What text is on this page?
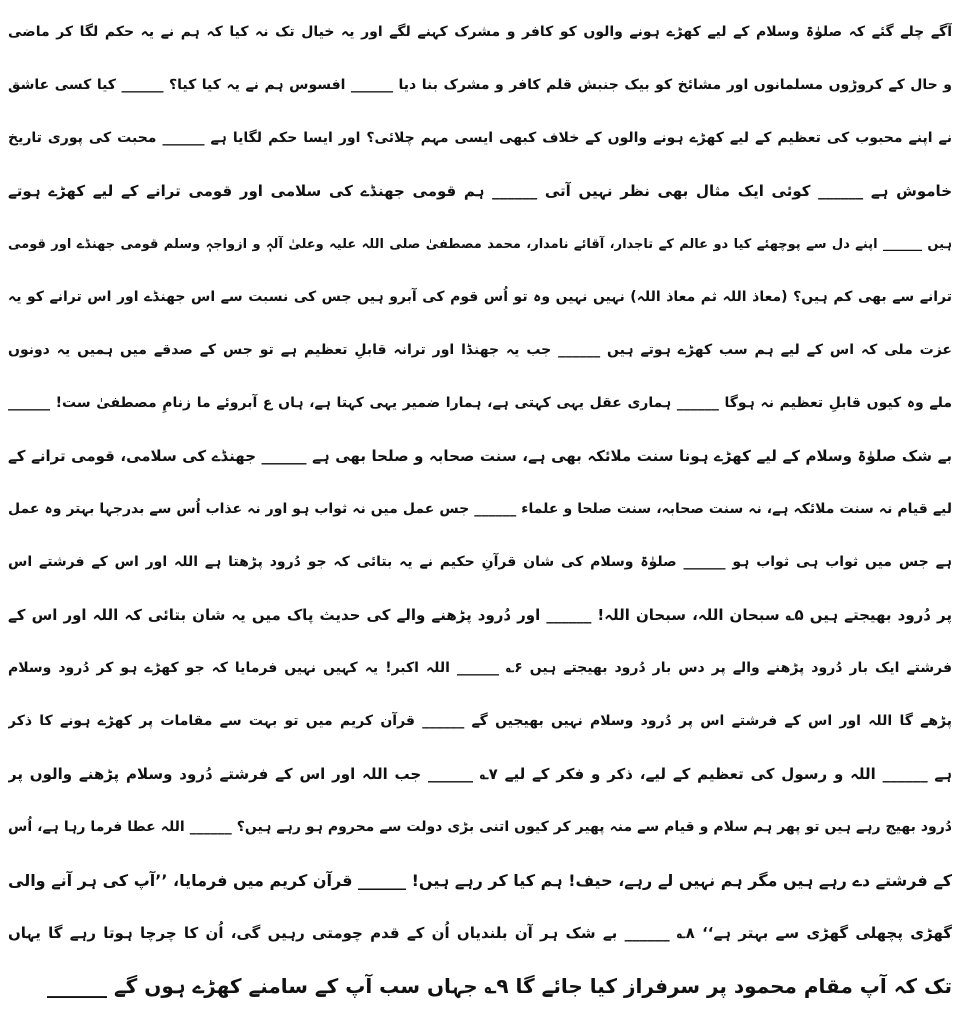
آگے چلے گئے کہ صلوٰۃ وسلام کے لیے کھڑے ہونے والوں کو کافر و مشرک کہنے لگے اور یہ خیال تک نہ کیا کہ ہم نے یہ حکم لگا کر ماضی
و حال کے کروڑوں مسلمانوں اور مشائخ کو بیک جنبش قلم کافر و مشرک بنا دیا ______ افسوس ہم نے یہ کیا کیا؟ ______ کیا کسی عاشق
نے اپنے محبوب کی تعظیم کے لیے کھڑے ہونے والوں کے خلاف کبھی ایسی مہم چلائی؟ اور ایسا حکم لگایا ہے ______ محبت کی پوری تاریخ
خاموش ہے ______ کوئی ایک مثال بھی نظر نہیں آتی ______ ہم قومی جھنڈے کی سلامی اور قومی ترانے کے لیے کھڑے ہوتے
ہیں ______ اپنے دل سے پوچھئے کیا دو عالم کے تاجدار، آقائے نامدار، محمد مصطفیٰ صلی اللہ علیہ وعلیٰ آلہٖ و ازواجہٖ وسلم قومی جھنڈے اور قومی
ترانے سے بھی کم ہیں؟ (معاذ اللہ ثم معاذ اللہ) نہیں نہیں وہ تو اُس قوم کی آبرو ہیں جس کی نسبت سے اس جھنڈے اور اس ترانے کو یہ
عزت ملی کہ اس کے لیے ہم سب کھڑے ہوتے ہیں ______ جب یہ جھنڈا اور ترانہ قابلِ تعظیم ہے تو جس کے صدقے میں ہمیں یہ دونوں
ملے وہ کیوں قابلِ تعظیم نہ ہوگا ______ ہماری عقل یہی کہتی ہے، ہمارا ضمیر یہی کہتا ہے، ہاں ع آبروئے ما زنامِ مصطفیٰ ست! ______
بے شک صلوٰۃ وسلام کے لیے کھڑے ہونا سنت ملائکہ بھی ہے، سنت صحابہ و صلحا بھی ہے ______ جھنڈے کی سلامی، قومی ترانے کے
لیے قیام نہ سنت ملائکہ ہے، نہ سنت صحابہ، سنت صلحا و علماء ______ جس عمل میں نہ ثواب ہو اور نہ عذاب اُس سے بدرجہا بہتر وہ عمل
ہے جس میں ثواب ہی ثواب ہو ______ صلوٰۃ وسلام کی شان قرآنِ حکیم نے یہ بتائی کہ جو دُرود پڑھتا ہے اللہ اور اس کے فرشتے اس
پر دُرود بھیجتے ہیں ۵؎ سبحان اللہ، سبحان اللہ! ______ اور دُرود پڑھنے والے کی حدیث پاک میں یہ شان بتائی کہ اللہ اور اس کے
فرشتے ایک بار دُرود پڑھنے والے پر دس بار دُرود بھیجتے ہیں ۶؎ ______ اللہ اکبر! یہ کہیں نہیں فرمایا کہ جو کھڑے ہو کر دُرود وسلام
پڑھے گا اللہ اور اس کے فرشتے اس پر دُرود وسلام نہیں بھیجیں گے ______ قرآن کریم میں تو بہت سے مقامات پر کھڑے ہونے کا ذکر
ہے ______ اللہ و رسول کی تعظیم کے لیے، ذکر و فکر کے لیے ۷؎ ______ جب اللہ اور اس کے فرشتے دُرود وسلام پڑھنے والوں پر
دُرود بھیج رہے ہیں تو پھر ہم سلام و قیام سے منہ پھیر کر کیوں اتنی بڑی دولت سے محروم ہو رہے ہیں؟ ______ اللہ عطا فرما رہا ہے، اُس
کے فرشتے دے رہے ہیں مگر ہم نہیں لے رہے، حیف! ہم کیا کر رہے ہیں! ______ قرآن کریم میں فرمایا، ’’آپ کی ہر آنے والی
گھڑی پچھلی گھڑی سے بہتر ہے‘‘ ۸؎ ______ بے شک ہر آن بلندیاں اُن کے قدم چومتی رہیں گی، اُن کا چرچا ہوتا رہے گا یہاں
تک کہ آپ مقام محمود پر سرفراز کیا جائے گا ۹؎ جہاں سب آپ کے سامنے کھڑے ہوں گے ______
